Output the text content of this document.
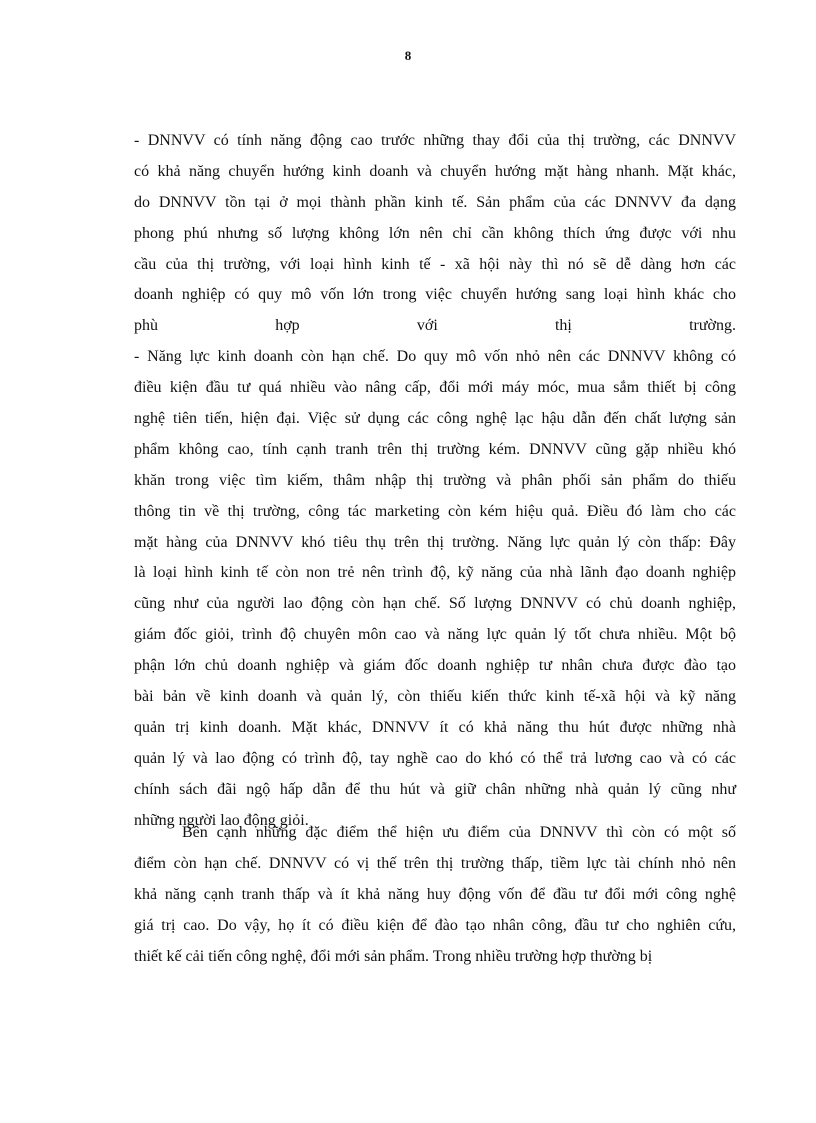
8
- DNNVV có tính năng động cao trước những thay đổi của thị trường, các DNNVV
có khả năng chuyển hướng kinh doanh và chuyển hướng mặt hàng nhanh. Mặt khác,
do DNNVV tồn tại ở mọi thành phần kinh tế. Sản phẩm của các DNNVV đa dạng
phong phú nhưng số lượng không lớn nên chỉ cần không thích ứng được với nhu
cầu của thị trường, với loại hình kinh tế - xã hội này thì nó sẽ dễ dàng hơn các
doanh nghiệp có quy mô vốn lớn trong việc chuyển hướng sang loại hình khác cho
phù hợp với thị trường.
- Năng lực kinh doanh còn hạn chế. Do quy mô vốn nhỏ nên các DNNVV không có
điều kiện đầu tư quá nhiều vào nâng cấp, đổi mới máy móc, mua sắm thiết bị công
nghệ tiên tiến, hiện đại. Việc sử dụng các công nghệ lạc hậu dẫn đến chất lượng sản
phẩm không cao, tính cạnh tranh trên thị trường kém. DNNVV cũng gặp nhiều khó
khăn trong việc tìm kiếm, thâm nhập thị trường và phân phối sản phẩm do thiếu
thông tin về thị trường, công tác marketing còn kém hiệu quả. Điều đó làm cho các
mặt hàng của DNNVV khó tiêu thụ trên thị trường. Năng lực quản lý còn thấp: Đây
là loại hình kinh tế còn non trẻ nên trình độ, kỹ năng của nhà lãnh đạo doanh nghiệp
cũng như của người lao động còn hạn chế. Số lượng DNNVV có chủ doanh nghiệp,
giám đốc giỏi, trình độ chuyên môn cao và năng lực quản lý tốt chưa nhiều. Một bộ
phận lớn chủ doanh nghiệp và giám đốc doanh nghiệp tư nhân chưa được đào tạo
bài bản về kinh doanh và quản lý, còn thiếu kiến thức kinh tế-xã hội và kỹ năng
quản trị kinh doanh. Mặt khác, DNNVV ít có khả năng thu hút được những nhà
quản lý và lao động có trình độ, tay nghề cao do khó có thể trả lương cao và có các
chính sách đãi ngộ hấp dẫn để thu hút và giữ chân những nhà quản lý cũng như
những người lao động giỏi.
Bên cạnh những đặc điểm thể hiện ưu điểm của DNNVV thì còn có một số
điểm còn hạn chế. DNNVV có vị thế trên thị trường thấp, tiềm lực tài chính nhỏ nên
khả năng cạnh tranh thấp và ít khả năng huy động vốn để đầu tư đổi mới công nghệ
giá trị cao. Do vậy, họ ít có điều kiện để đào tạo nhân công, đầu tư cho nghiên cứu,
thiết kế cải tiến công nghệ, đổi mới sản phẩm. Trong nhiều trường hợp thường bị
